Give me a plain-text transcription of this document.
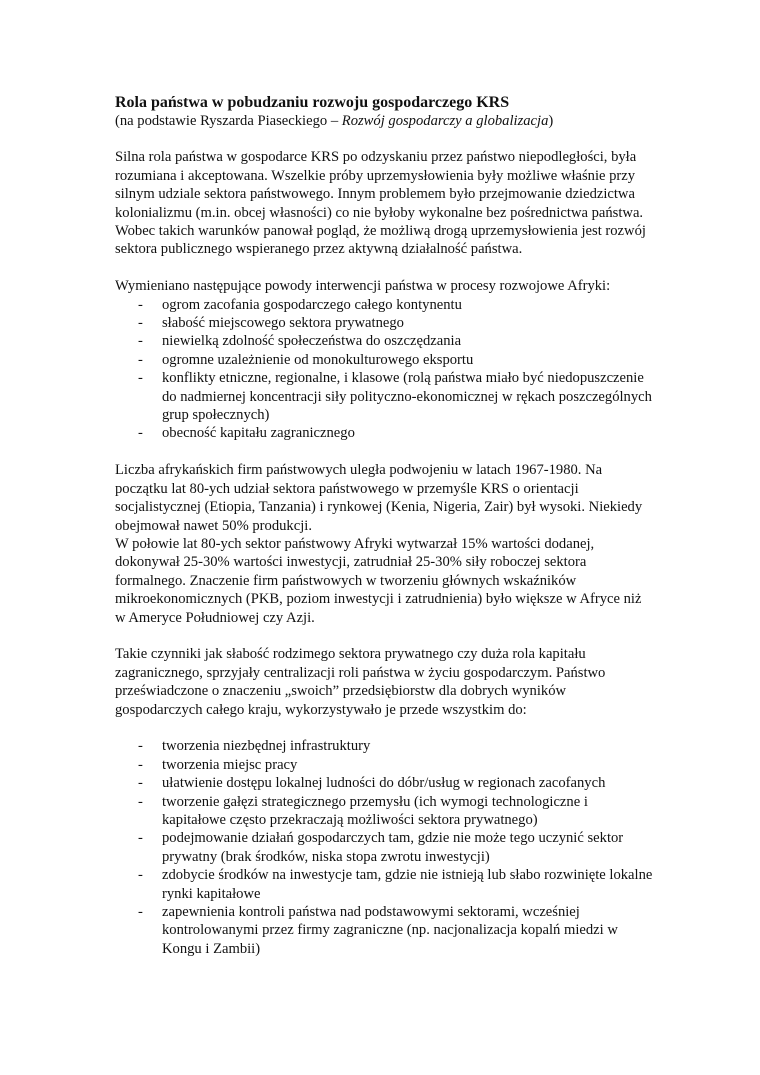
Rola państwa w pobudzaniu rozwoju gospodarczego KRS

(na podstawie Ryszarda Piaseckiego – Rozwój gospodarczy a globalizacja)

Silna rola państwa w gospodarce KRS po odzyskaniu przez państwo niepodległości, była rozumiana i akceptowana. Wszelkie próby uprzemysłowienia były możliwe właśnie przy silnym udziale sektora państwowego. Innym problemem było przejmowanie dziedzictwa kolonializmu (m.in. obcej własności) co nie byłoby wykonalne bez pośrednictwa państwa.

Wobec takich warunków panował pogląd, że możliwą drogą uprzemysłowienia jest rozwój sektora publicznego wspieranego przez aktywną działalność państwa.

Wymieniano następujące powody interwencji państwa w procesy rozwojowe Afryki:

- ogrom zacofania gospodarczego całego kontynentu
- słabość miejscowego sektora prywatnego
- niewielką zdolność społeczeństwa do oszczędzania
- ogromne uzależnienie od monokulturowego eksportu
- konflikty etniczne, regionalne, i klasowe (rolą państwa miało być niedopuszczenie do nadmiernej koncentracji siły polityczno-ekonomicznej w rękach poszczególnych grup społecznych)
- obecność kapitału zagranicznego

Liczba afrykańskich firm państwowych uległa podwojeniu w latach 1967-1980. Na początku lat 80-ych udział sektora państwowego w przemyśle KRS o orientacji socjalistycznej (Etiopia, Tanzania) i rynkowej (Kenia, Nigeria, Zair) był wysoki. Niekiedy obejmował nawet 50% produkcji.

W połowie lat 80-ych sektor państwowy Afryki wytwarzał 15% wartości dodanej, dokonywał 25-30% wartości inwestycji, zatrudniał 25-30% siły roboczej sektora formalnego. Znaczenie firm państwowych w tworzeniu głównych wskaźników mikroekonomicznych (PKB, poziom inwestycji i zatrudnienia) było większe w Afryce niż w Ameryce Południowej czy Azji.

Takie czynniki jak słabość rodzimego sektora prywatnego czy duża rola kapitału zagranicznego, sprzyjały centralizacji roli państwa w życiu gospodarczym. Państwo przeświadczone o znaczeniu „swoich” przedsiębiorstw dla dobrych wyników gospodarczych całego kraju, wykorzystywało je przede wszystkim do:

- tworzenia niezbędnej infrastruktury
- tworzenia miejsc pracy
- ułatwienie dostępu lokalnej ludności do dóbr/usług w regionach zacofanych
- tworzenie gałęzi strategicznego przemysłu (ich wymogi technologiczne i kapitałowe często przekraczają możliwości sektora prywatnego)
- podejmowanie działań gospodarczych tam, gdzie nie może tego uczynić sektor prywatny (brak środków, niska stopa zwrotu inwestycji)
- zdobycie środków na inwestycje tam, gdzie nie istnieją lub słabo rozwinięte lokalne rynki kapitałowe
- zapewnienia kontroli państwa nad podstawowymi sektorami, wcześniej kontrolowanymi przez firmy zagraniczne (np. nacjonalizacja kopalń miedzi w Kongu i Zambii)
